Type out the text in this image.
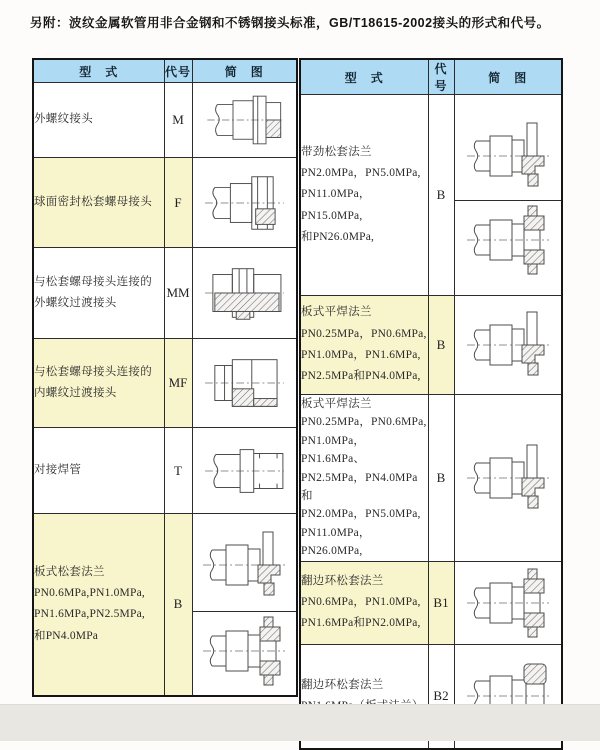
另附：波纹金属软管用非合金钢和不锈钢接头标准，GB/T18615-2002接头的形式和代号。
型　式	代号	简　图

外螺纹接头	M	

球面密封松套螺母接头	F	

与松套螺母接头连接的外螺纹过渡接头	MM	

与松套螺母接头连接的内螺纹过渡接头	MF	

对接焊管	T	

板式松套法兰
PN0.6MPa,PN1.0MPa,
PN1.6MPa,PN2.5MPa,
和PN4.0MPa	B	
型　式	代号	简　图

带劲松套法兰
PN2.0MPa，PN5.0MPa,
PN11.0MPa，PN15.0MPa,
和PN26.0MPa,	B	

板式平焊法兰
PN0.25MPa，PN0.6MPa,
PN1.0MPa，PN1.6MPa,
PN2.5MPa和PN4.0MPa,	B	

板式平焊法兰
PN0.25MPa，PN0.6MPa,
PN1.0MPa，PN1.6MPa、
PN2.5MPa，PN4.0MPa和
PN2.0MPa，PN5.0MPa,
PN11.0MPa，PN26.0MPa,
	B	

翻边环松套法兰
PN0.6MPa，PN1.0MPa,
PN1.6MPa和PN2.0MPa,	B1	

翻边环松套法兰	B2	
